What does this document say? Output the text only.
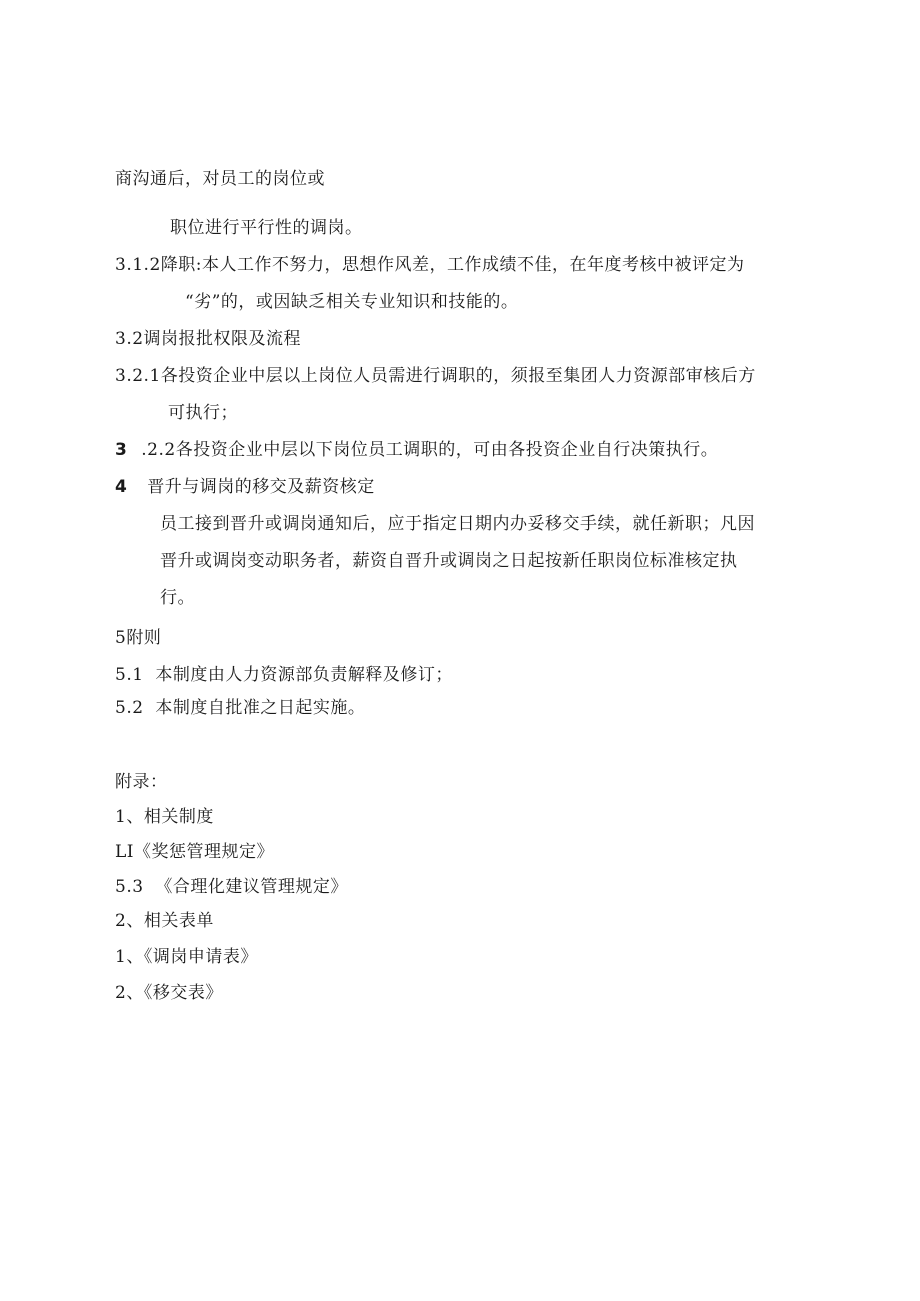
商沟通后，对员工的岗位或
职位进行平行性的调岗。
3.1.2降职:本人工作不努力，思想作风差，工作成绩不佳，在年度考核中被评定为
“劣”的，或因缺乏相关专业知识和技能的。
3.2调岗报批权限及流程
3.2.1各投资企业中层以上岗位人员需进行调职的，须报至集团人力资源部审核后方
可执行；
3 .2.2各投资企业中层以下岗位员工调职的，可由各投资企业自行决策执行。
4 晋升与调岗的移交及薪资核定
员工接到晋升或调岗通知后，应于指定日期内办妥移交手续，就任新职；凡因
晋升或调岗变动职务者，薪资自晋升或调岗之日起按新任职岗位标准核定执
行。
5附则
5.1  本制度由人力资源部负责解释及修订；
5.2  本制度自批准之日起实施。
附录：
1、相关制度
LI《奖惩管理规定》
5.3  《合理化建议管理规定》
2、相关表单
1、《调岗申请表》
2、《移交表》
